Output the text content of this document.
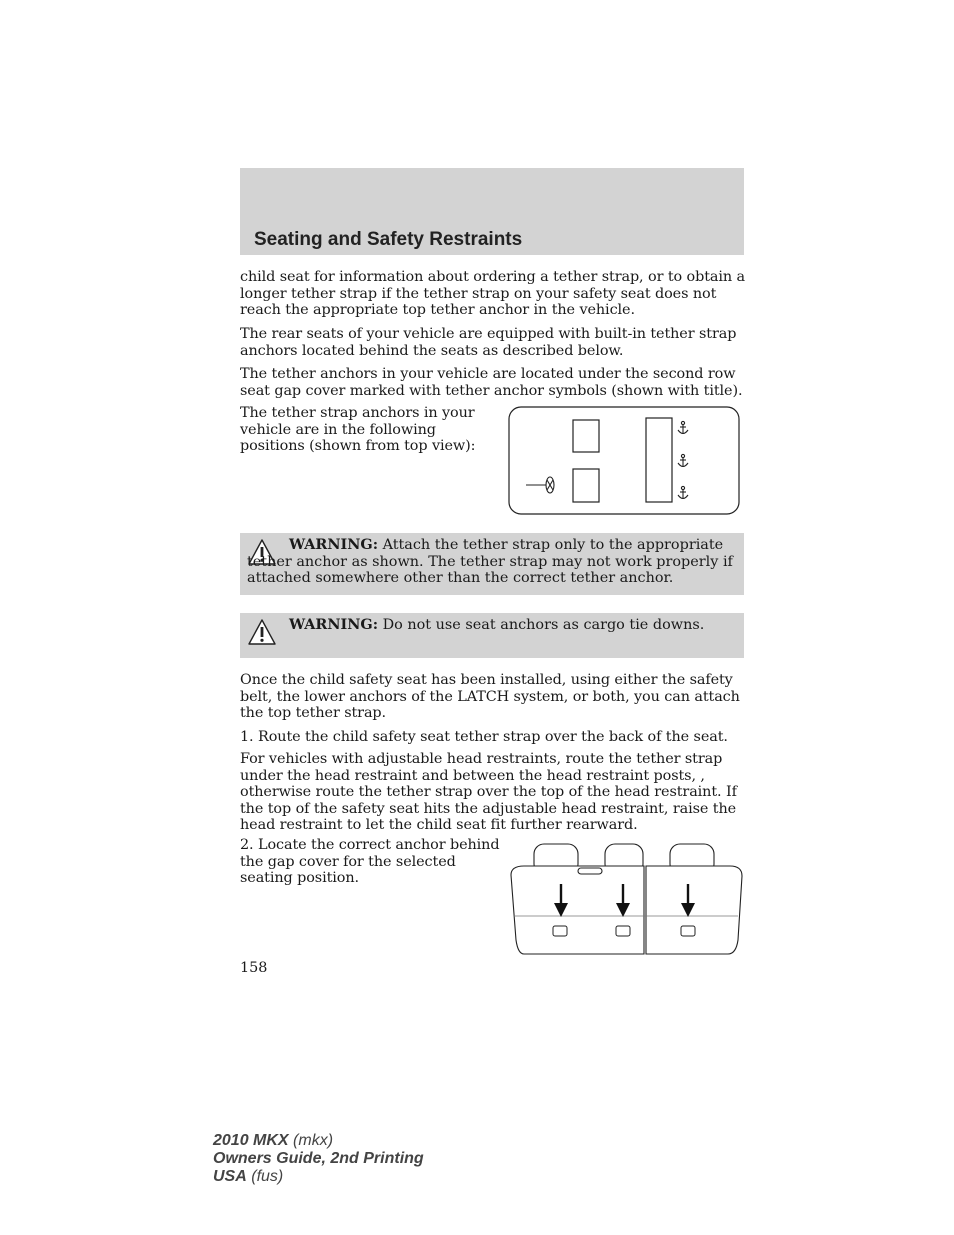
Seating and Safety Restraints

child seat for information about ordering a tether strap, or to obtain a longer tether strap if the tether strap on your safety seat does not reach the appropriate top tether anchor in the vehicle.

The rear seats of your vehicle are equipped with built-in tether strap anchors located behind the seats as described below.

The tether anchors in your vehicle are located under the second row seat gap cover marked with tether anchor symbols (shown with title).

The tether strap anchors in your vehicle are in the following positions (shown from top view):

WARNING: Attach the tether strap only to the appropriate tether anchor as shown. The tether strap may not work properly if attached somewhere other than the correct tether anchor.

WARNING: Do not use seat anchors as cargo tie downs.

Once the child safety seat has been installed, using either the safety belt, the lower anchors of the LATCH system, or both, you can attach the top tether strap.

1. Route the child safety seat tether strap over the back of the seat.

For vehicles with adjustable head restraints, route the tether strap under the head restraint and between the head restraint posts, , otherwise route the tether strap over the top of the head restraint. If the top of the safety seat hits the adjustable head restraint, raise the head restraint to let the child seat fit further rearward.

2. Locate the correct anchor behind the gap cover for the selected seating position.

158

2010 MKX (mkx)
Owners Guide, 2nd Printing
USA (fus)
